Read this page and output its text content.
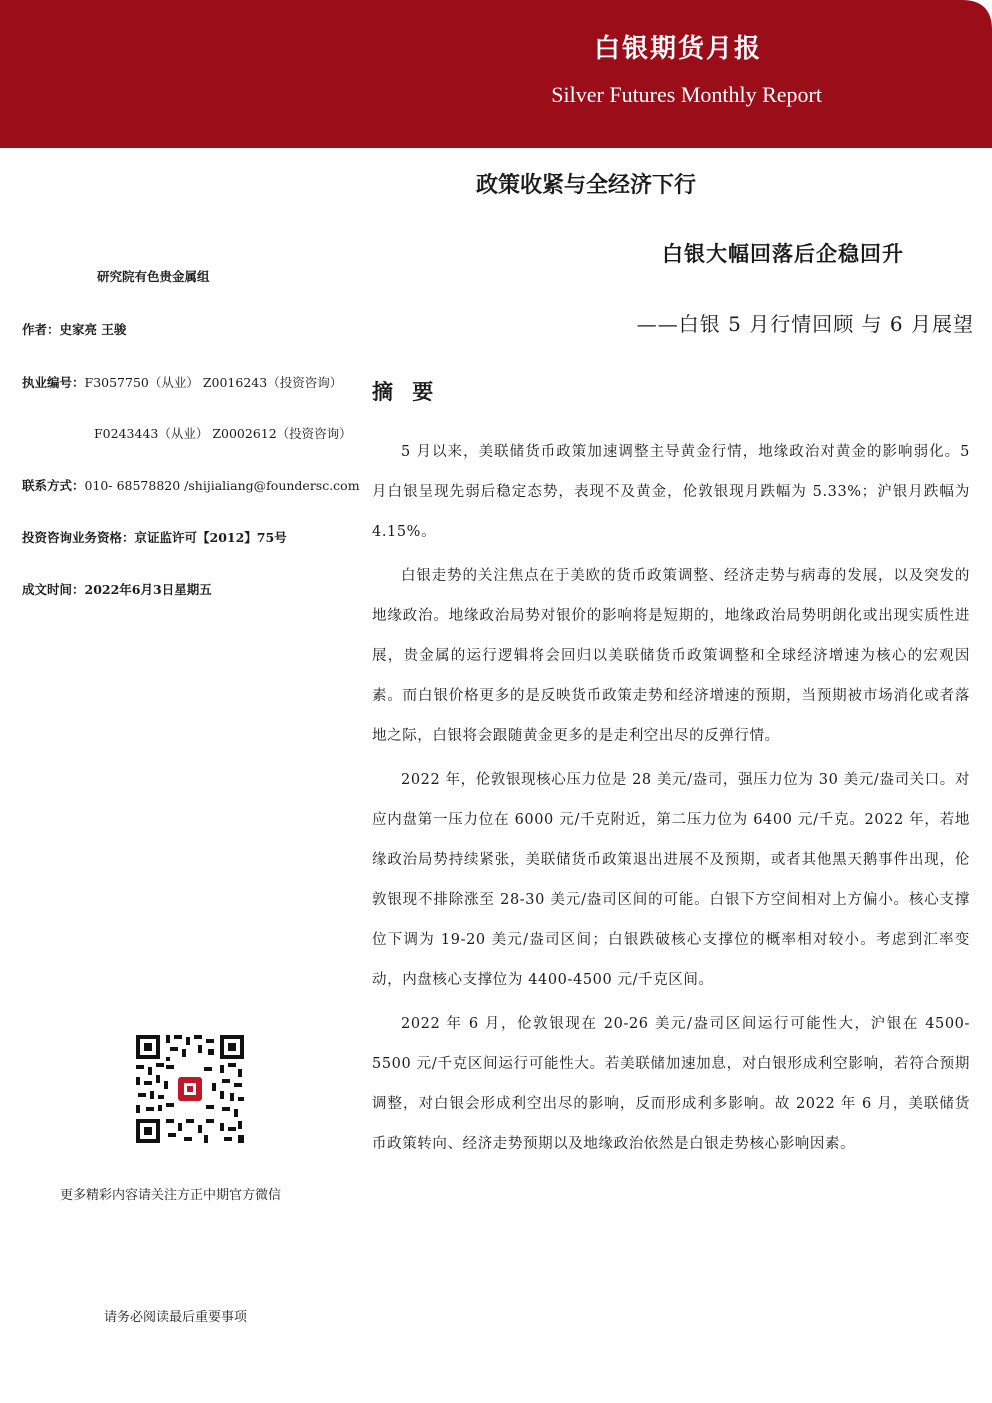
白银期货月报
Silver Futures Monthly Report
政策收紧与全经济下行
白银大幅回落后企稳回升
——白银 5 月行情回顾 与 6 月展望
研究院有色贵金属组
作者：史家亮 王骏
执业编号：F3057750（从业） Z0016243（投资咨询）
F0243443（从业） Z0002612（投资咨询）
联系方式：010- 68578820 /shijialiang@foundersc.com
投资咨询业务资格：京证监许可【2012】75号
成文时间：2022年6月3日星期五
更多精彩内容请关注方正中期官方微信
请务必阅读最后重要事项
摘 要

5 月以来，美联储货币政策加速调整主导黄金行情，地缘政治对黄金的影响弱化。5 月白银呈现先弱后稳定态势，表现不及黄金，伦敦银现月跌幅为 5.33%；沪银月跌幅为 4.15%。

白银走势的关注焦点在于美欧的货币政策调整、经济走势与病毒的发展，以及突发的地缘政治。地缘政治局势对银价的影响将是短期的，地缘政治局势明朗化或出现实质性进展，贵金属的运行逻辑将会回归以美联储货币政策调整和全球经济增速为核心的宏观因素。而白银价格更多的是反映货币政策走势和经济增速的预期，当预期被市场消化或者落地之际，白银将会跟随黄金更多的是走利空出尽的反弹行情。

2022 年，伦敦银现核心压力位是 28 美元/盎司，强压力位为 30 美元/盎司关口。对应内盘第一压力位在 6000 元/千克附近，第二压力位为 6400 元/千克。2022 年，若地缘政治局势持续紧张，美联储货币政策退出进展不及预期，或者其他黑天鹅事件出现，伦敦银现不排除涨至 28-30 美元/盎司区间的可能。白银下方空间相对上方偏小。核心支撑位下调为 19-20 美元/盎司区间；白银跌破核心支撑位的概率相对较小。考虑到汇率变动，内盘核心支撑位为 4400-4500 元/千克区间。

2022 年 6 月，伦敦银现在 20-26 美元/盎司区间运行可能性大，沪银在 4500-5500 元/千克区间运行可能性大。若美联储加速加息，对白银形成利空影响，若符合预期调整，对白银会形成利空出尽的影响，反而形成利多影响。故 2022 年 6 月，美联储货币政策转向、经济走势预期以及地缘政治依然是白银走势核心影响因素。
